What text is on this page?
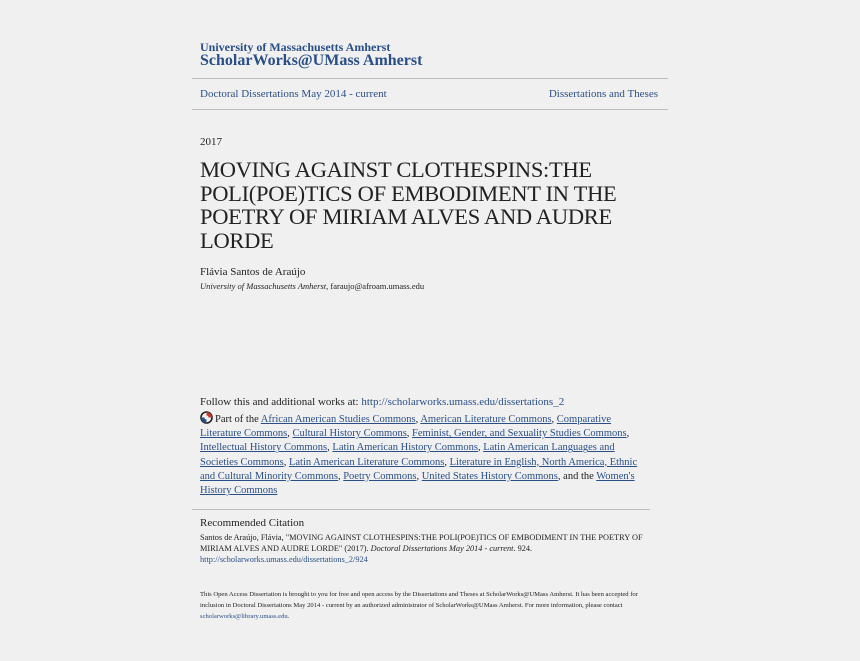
University of Massachusetts Amherst
ScholarWorks@UMass Amherst
Doctoral Dissertations May 2014 - current	Dissertations and Theses
2017
MOVING AGAINST CLOTHESPINS:THE POLI(POE)TICS OF EMBODIMENT IN THE POETRY OF MIRIAM ALVES AND AUDRE LORDE
Flávia Santos de Araújo
University of Massachusetts Amherst, faraujo@afroam.umass.edu
Follow this and additional works at: http://scholarworks.umass.edu/dissertations_2
Part of the African American Studies Commons, American Literature Commons, Comparative Literature Commons, Cultural History Commons, Feminist, Gender, and Sexuality Studies Commons, Intellectual History Commons, Latin American History Commons, Latin American Languages and Societies Commons, Latin American Literature Commons, Literature in English, North America, Ethnic and Cultural Minority Commons, Poetry Commons, United States History Commons, and the Women's History Commons
Recommended Citation
Santos de Araújo, Flávia, "MOVING AGAINST CLOTHESPINS:THE POLI(POE)TICS OF EMBODIMENT IN THE POETRY OF MIRIAM ALVES AND AUDRE LORDE" (2017). Doctoral Dissertations May 2014 - current. 924.
http://scholarworks.umass.edu/dissertations_2/924
This Open Access Dissertation is brought to you for free and open access by the Dissertations and Theses at ScholarWorks@UMass Amherst. It has been accepted for inclusion in Doctoral Dissertations May 2014 - current by an authorized administrator of ScholarWorks@UMass Amherst. For more information, please contact scholarworks@library.umass.edu.
